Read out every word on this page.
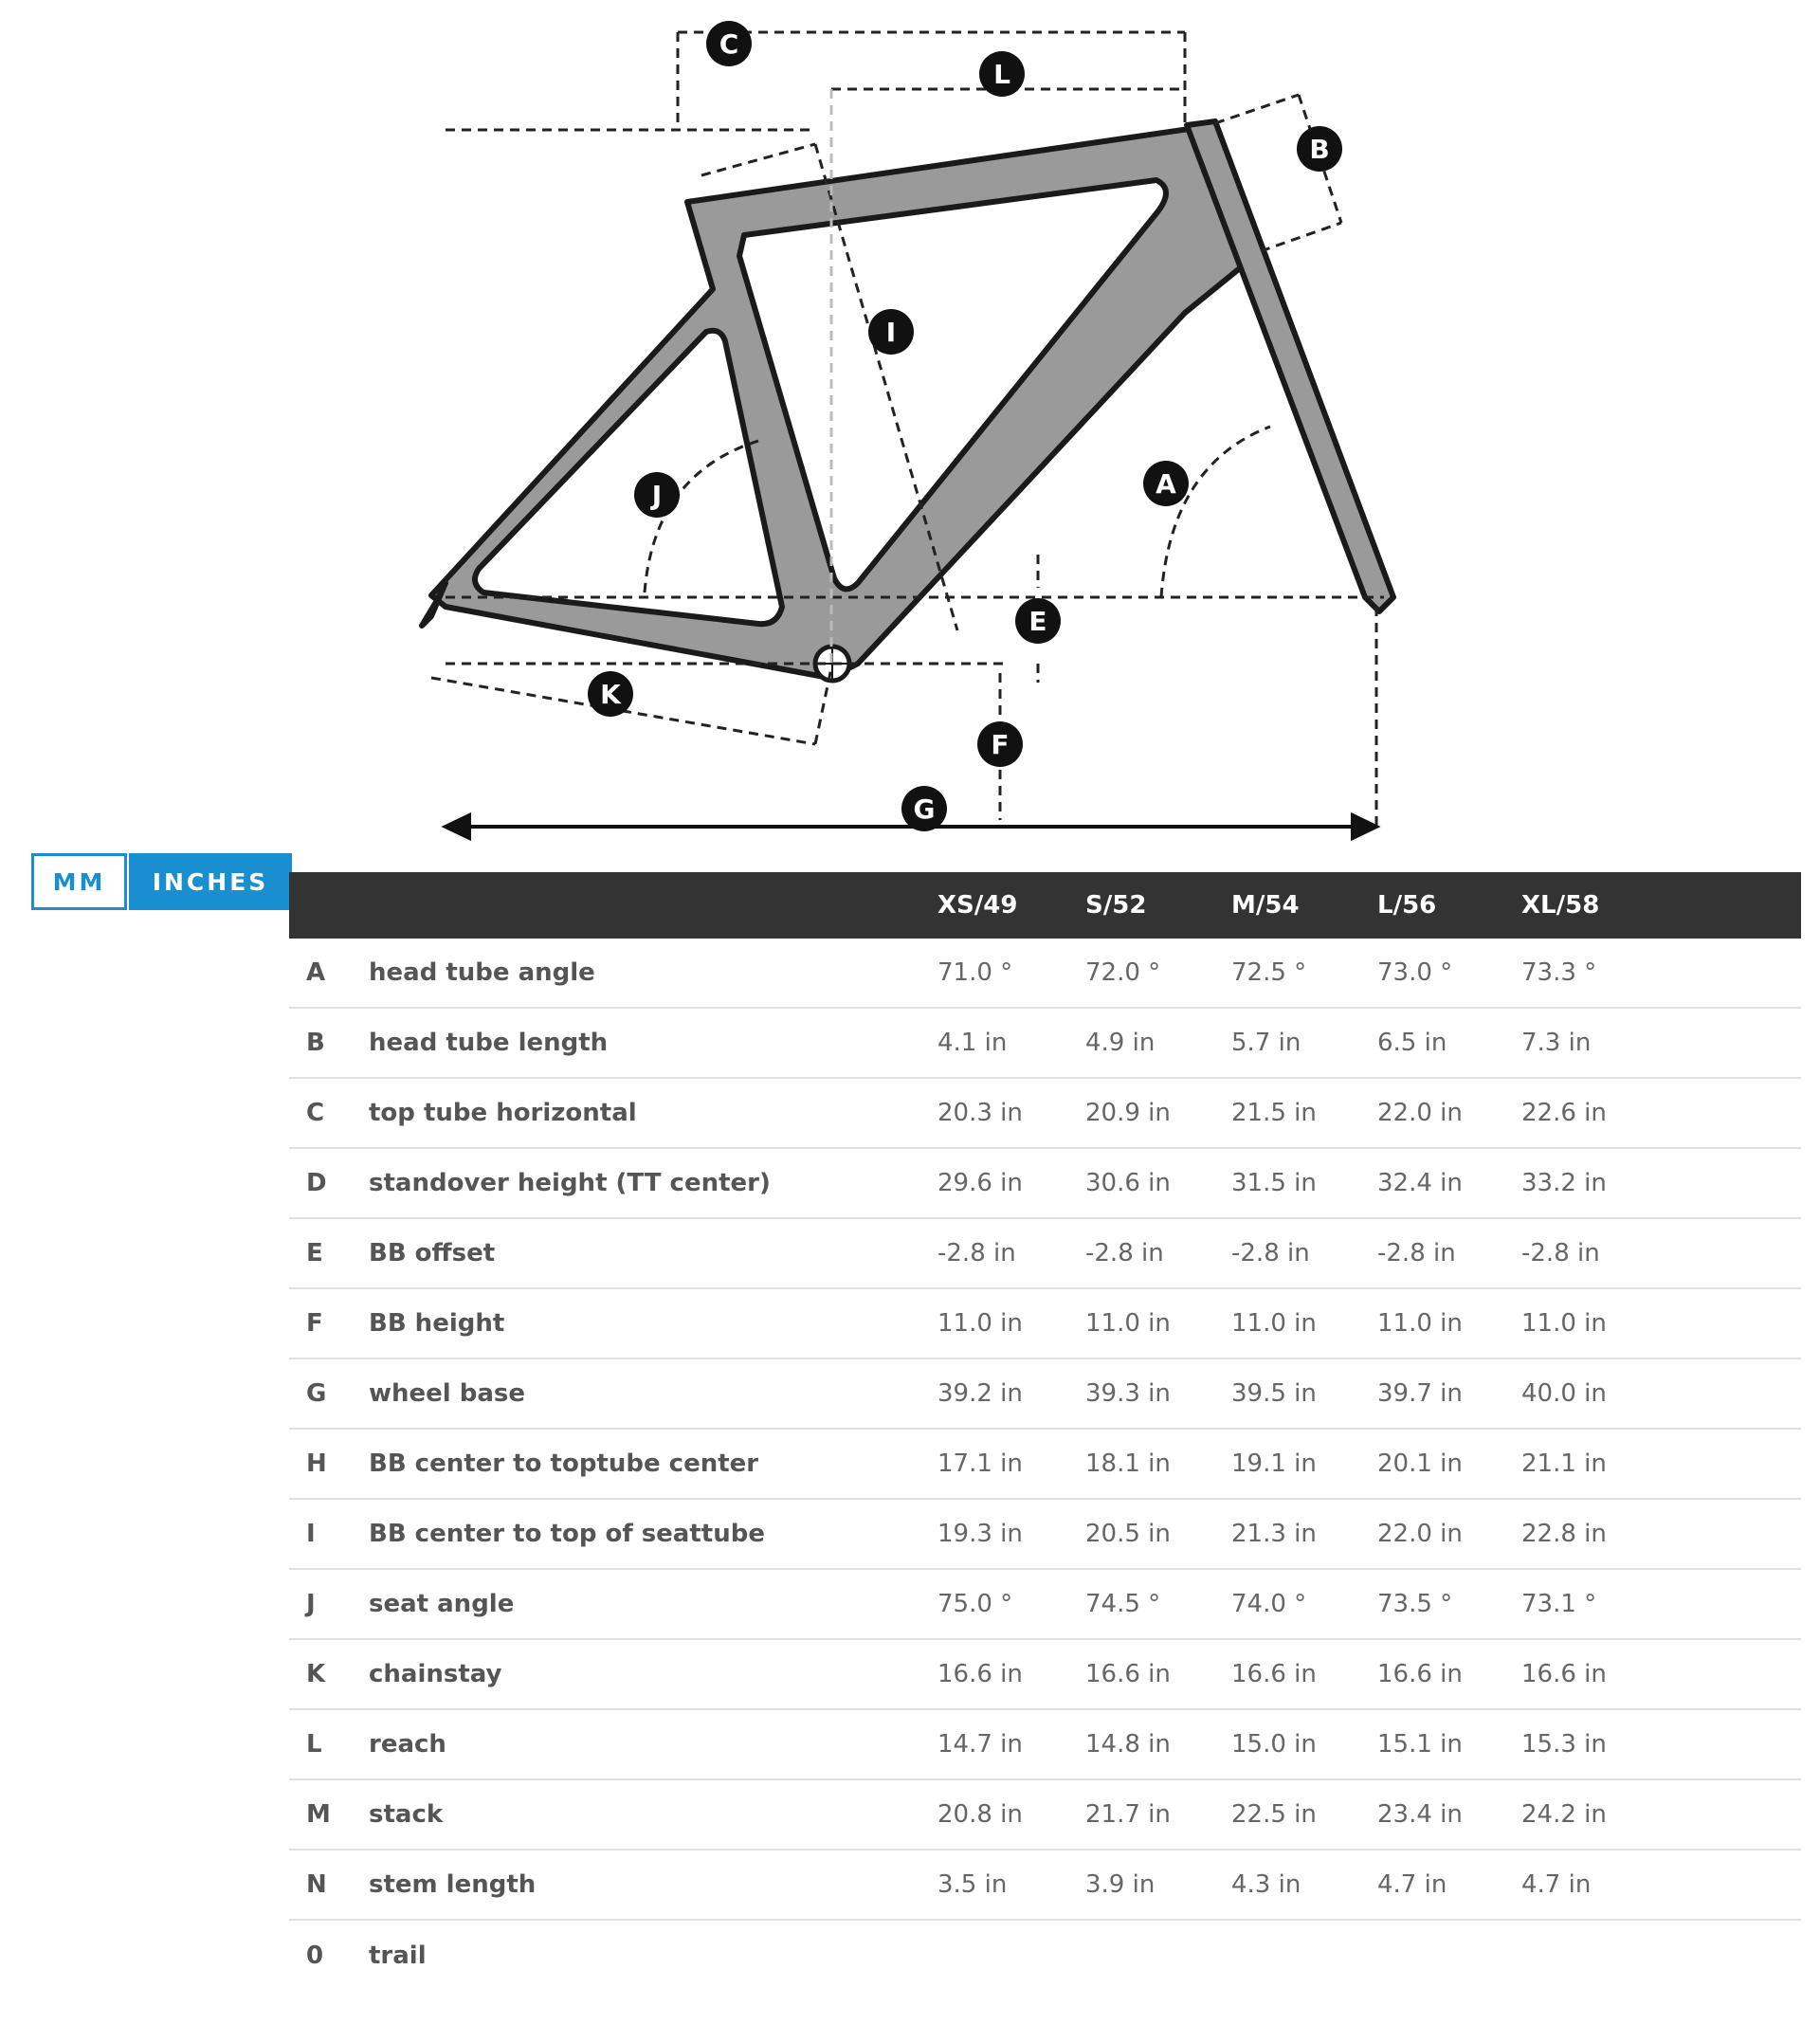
C
L
B
I
J	A
E
K
F
G
MM	INCHES
XS/49	S/52	M/54	L/56	XL/58
A head tube angle	71.0 °	72.0 °	72.5 °	73.0 °	73.3 °
B head tube length	4.1 in	4.9 in	5.7 in	6.5 in	7.3 in
C top tube horizontal	20.3 in	20.9 in 21.5 in 22.0 in 22.6 in
D standover height (TT center)	29.6 in	30.6 in 31.5 in 32.4 in 33.2 in
E BB offset	-2.8 in	-2.8 in	-2.8 in	-2.8 in	-2.8 in
F BB height	11.0 in	11.0 in 11.0 in 11.0 in 11.0 in
G wheel base	39.2 in	39.3 in 39.5 in 39.7 in 40.0 in
H BB center to toptube center	17.1 in	18.1 in 19.1 in 20.1 in 21.1 in
I BB center to top of seattube	19.3 in	20.5 in 21.3 in 22.0 in 22.8 in
J seat angle	75.0 °	74.5 °	74.0 °	73.5 °	73.1 °
K chainstay	16.6 in	16.6 in 16.6 in 16.6 in 16.6 in
L reach	14.7 in	14.8 in 15.0 in 15.1 in 15.3 in
M stack	20.8 in	21.7 in 22.5 in 23.4 in 24.2 in
N stem length	3.5 in	3.9 in	4.3 in	4.7 in	4.7 in
0 trail
